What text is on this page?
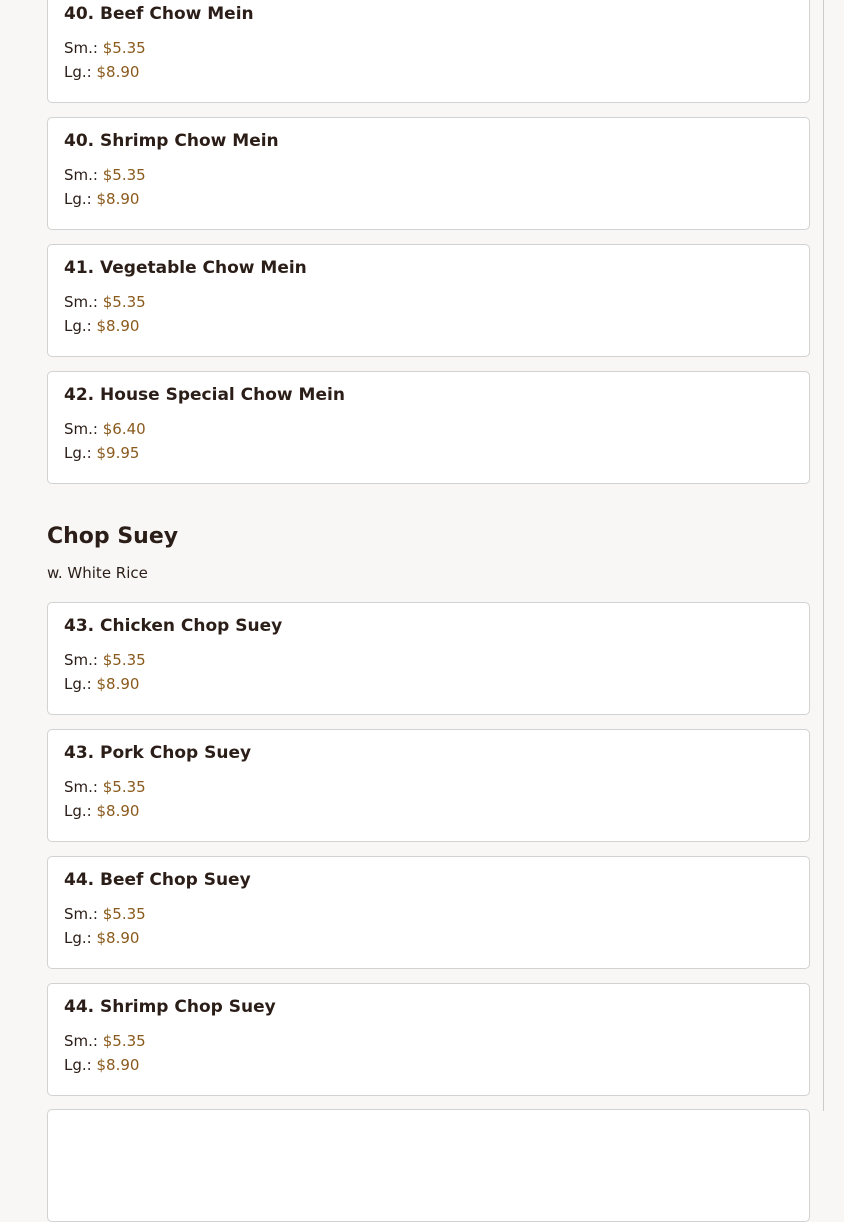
40. Beef Chow Mein
Sm.: $5.35
Lg.: $8.90
40. Shrimp Chow Mein
Sm.: $5.35
Lg.: $8.90
41. Vegetable Chow Mein
Sm.: $5.35
Lg.: $8.90
42. House Special Chow Mein
Sm.: $6.40
Lg.: $9.95
Chop Suey
w. White Rice
43. Chicken Chop Suey
Sm.: $5.35
Lg.: $8.90
43. Pork Chop Suey
Sm.: $5.35
Lg.: $8.90
44. Beef Chop Suey
Sm.: $5.35
Lg.: $8.90
44. Shrimp Chop Suey
Sm.: $5.35
Lg.: $8.90
